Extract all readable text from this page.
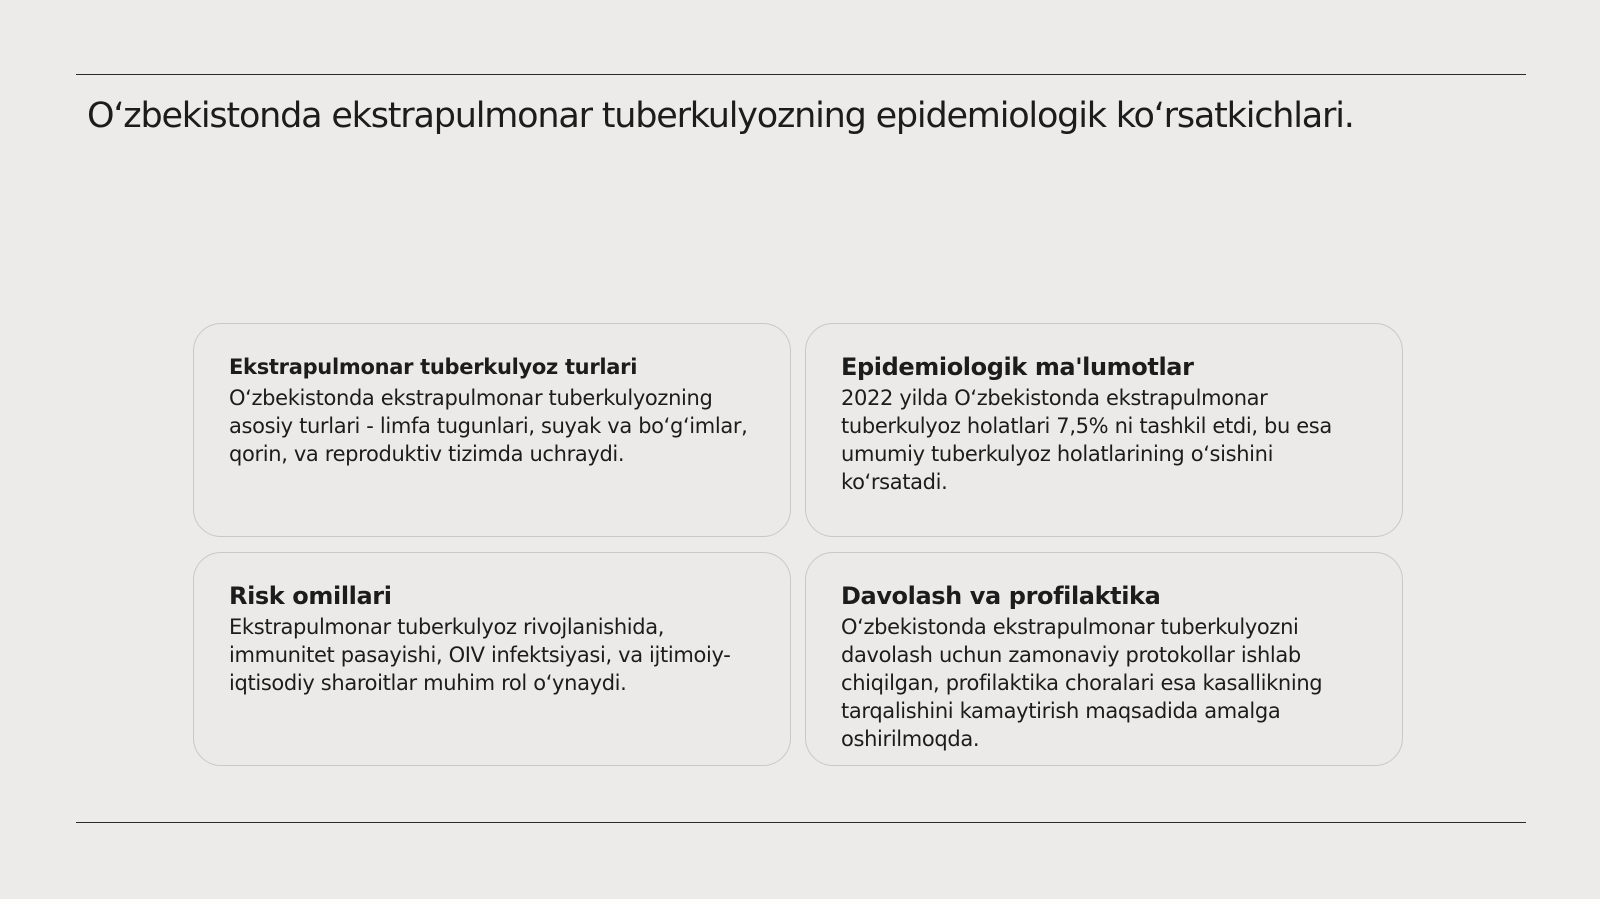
O‘zbekistonda ekstrapulmonar tuberkulyozning epidemiologik ko‘rsatkichlari.
Ekstrapulmonar tuberkulyoz turlari

O‘zbekistonda ekstrapulmonar tuberkulyozning asosiy turlari - limfa tugunlari, suyak va bo‘g‘imlar, qorin, va reproduktiv tizimda uchraydi.

Epidemiologik ma'lumotlar

2022 yilda O‘zbekistonda ekstrapulmonar tuberkulyoz holatlari 7,5% ni tashkil etdi, bu esa umumiy tuberkulyoz holatlarining o‘sishini ko‘rsatadi.

Risk omillari

Ekstrapulmonar tuberkulyoz rivojlanishida, immunitet pasayishi, OIV infektsiyasi, va ijtimoiy-iqtisodiy sharoitlar muhim rol o‘ynaydi.

Davolash va profilaktika

O‘zbekistonda ekstrapulmonar tuberkulyozni davolash uchun zamonaviy protokollar ishlab chiqilgan, profilaktika choralari esa kasallikning tarqalishini kamaytirish maqsadida amalga oshirilmoqda.
